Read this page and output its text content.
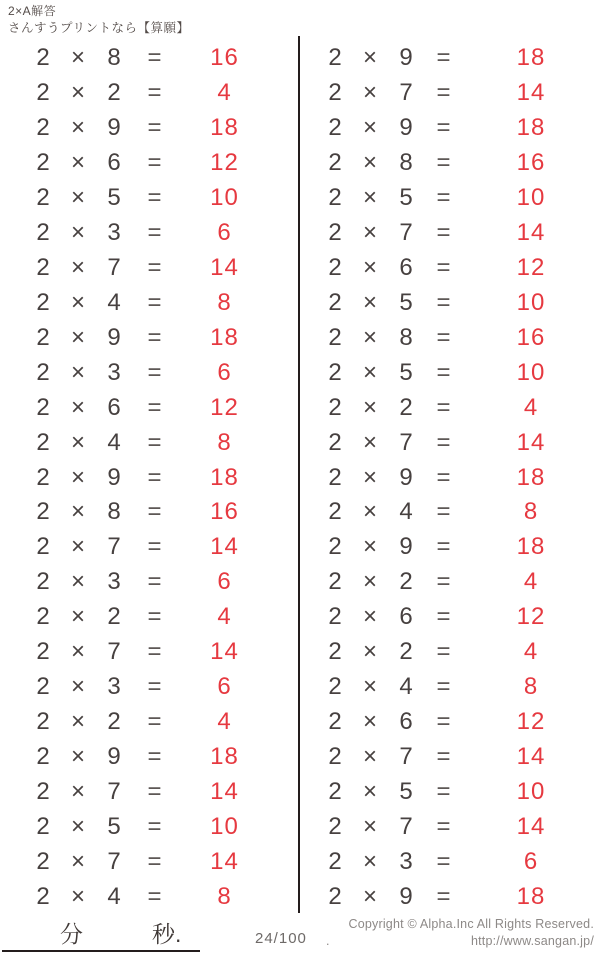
2×A解答
さんすうプリントなら【算願】
2 × 8	=	16
2 × 2	=	4
2 × 9	=	18
2 × 6	=	12
2 × 5	=	10
2 × 3	=	6
2 × 7	=	14
2 × 4	=	8
2 × 9	=	18
2 × 3	=	6
2 × 6	=	12
2 × 4	=	8
2 × 9	=	18
2 × 8	=	16
2 × 7	=	14
2 × 3	=	6
2 × 2	=	4
2 × 7	=	14
2 × 3	=	6
2 × 2	=	4
2 × 9	=	18
2 × 7	=	14
2 × 5	=	10
2 × 7	=	14
2 × 4	=	8
2 × 9 =	18
2 × 7 =	14
2 × 9 =	18
2 × 8 =	16
2 × 5 =	10
2 × 7 =	14
2 × 6 =	12
2 × 5 =	10
2 × 8 =	16
2 × 5 =	10
2 × 2 =	4
2 × 7 =	14
2 × 9 =	18
2 × 4 =	8
2 × 9 =	18
2 × 2 =	4
2 × 6 =	12
2 × 2 =	4
2 × 4 =	8
2 × 6 =	12
2 × 7 =	14
2 × 5 =	10
2 × 7 =	14
2 × 3 =	6
2 × 9 =	18
分	秒.	24/100
Copyright © Alpha.Inc All Rights Reserved.
.	http://www.sangan.jp/
